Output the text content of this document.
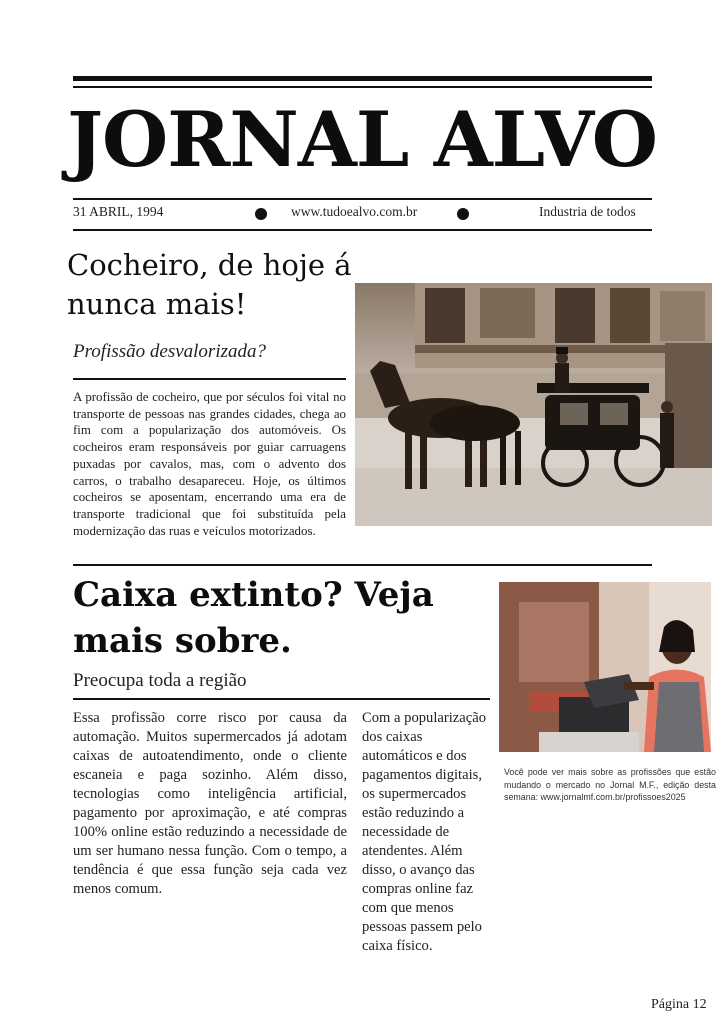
JORNAL ALVO
31 ABRIL, 1994	www.tudoealvo.com.br	Industria de todos
Cocheiro, de hoje á nunca mais!
Profissão desvalorizada?
A profissão de cocheiro, que por séculos foi vital no transporte de pessoas nas grandes cidades, chega ao fim com a popularização dos automóveis. Os cocheiros eram responsáveis por guiar carruagens puxadas por cavalos, mas, com o advento dos carros, o trabalho desapareceu. Hoje, os últimos cocheiros se aposentam, encerrando uma era de transporte tradicional que foi substituída pela modernização das ruas e veículos motorizados.
Caixa extinto? Veja mais sobre.
Preocupa toda a região
Essa profissão corre risco por causa da automação. Muitos supermercados já adotam caixas de autoatendimento, onde o cliente escaneia e paga sozinho. Além disso, tecnologias como inteligência artificial, pagamento por aproximação, e até compras 100% online estão reduzindo a necessidade de um ser humano nessa função. Com o tempo, a tendência é que essa função seja cada vez menos comum.
Com a popularização dos caixas automáticos e dos pagamentos digitais, os supermercados estão reduzindo a necessidade de atendentes. Além disso, o avanço das compras online faz com que menos pessoas passem pelo caixa físico.
Você pode ver mais sobre as profissões que estão mudando o mercado no Jornal M.F., edição desta semana: www.jornalmf.com.br/profissoes2025
Página 12
